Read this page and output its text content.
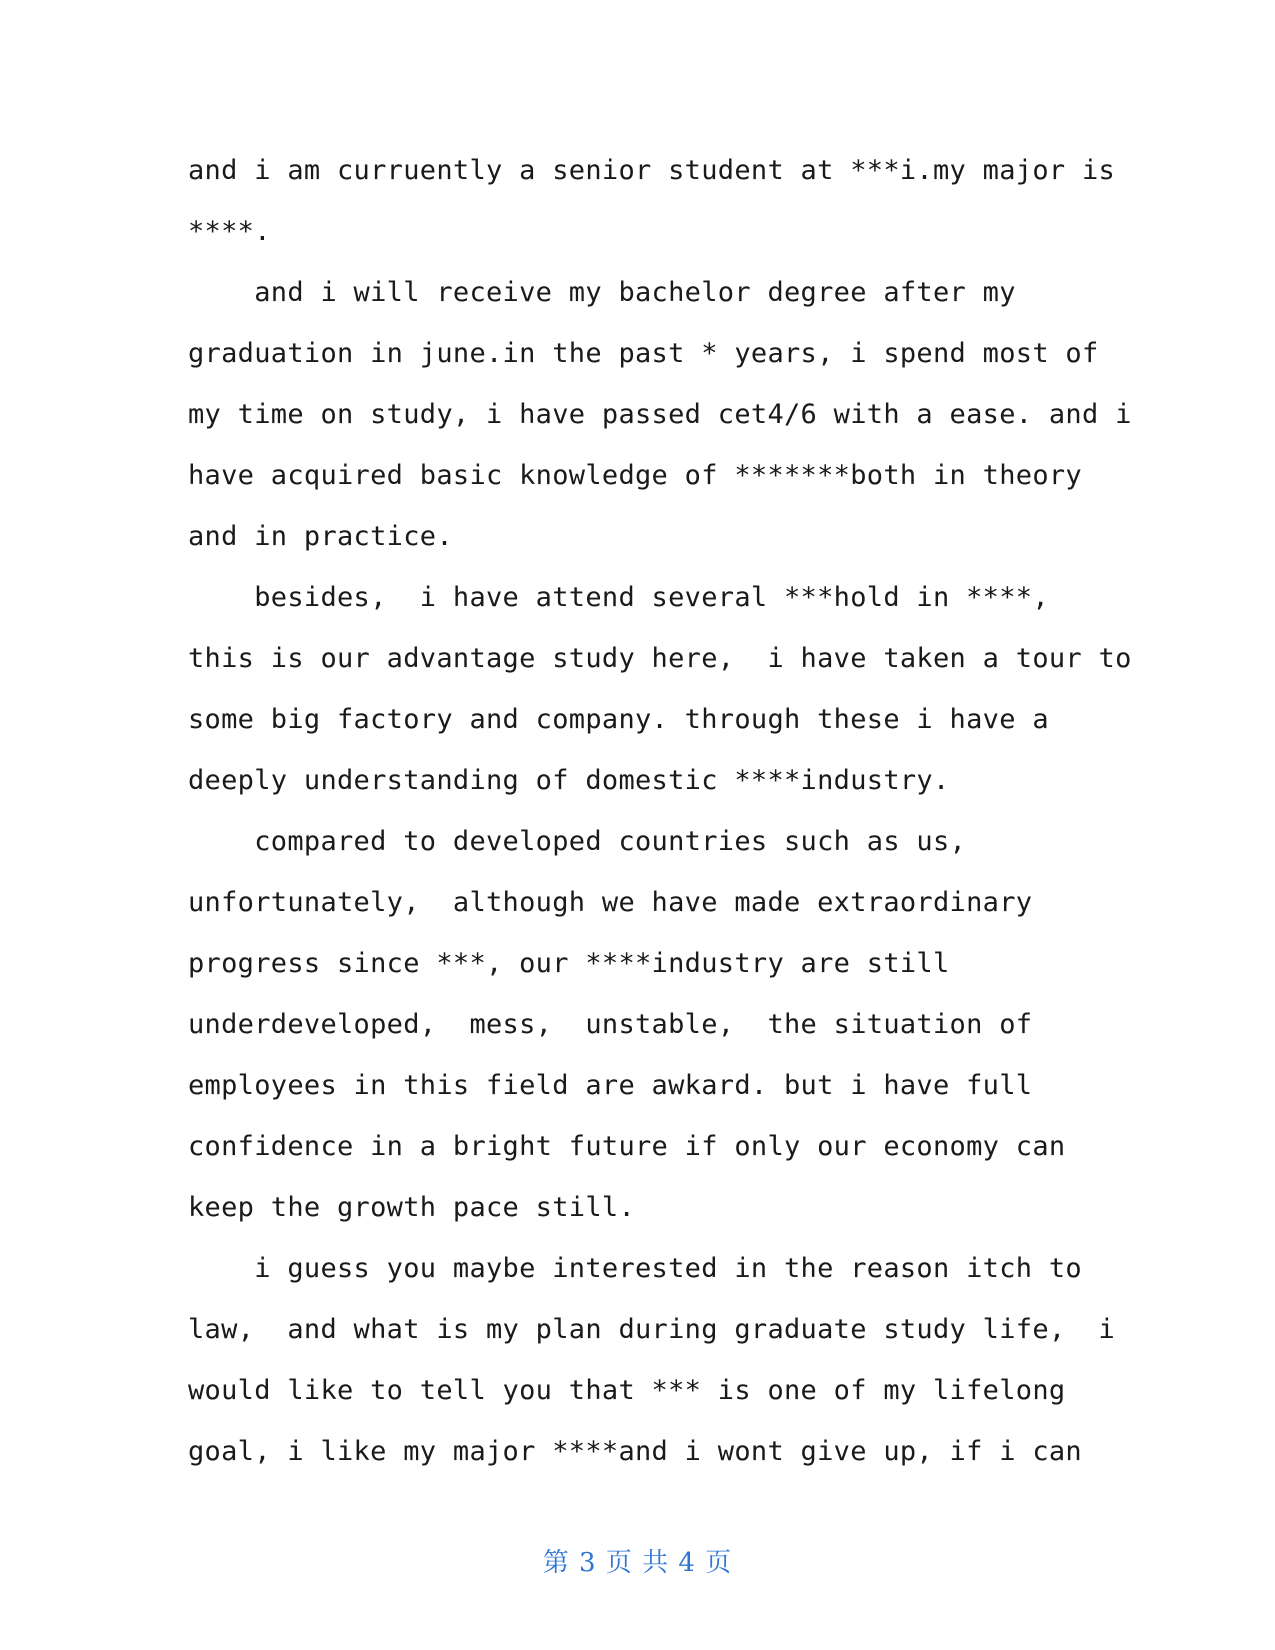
and i am curruently a senior student at ***i.my major is
****.
and i will receive my bachelor degree after my
graduation in june.in the past * years, i spend most of
my time on study, i have passed cet4/6 with a ease. and i
have acquired basic knowledge of *******both in theory
and in practice.
besides,  i have attend several ***hold in ****,
this is our advantage study here,  i have taken a tour to
some big factory and company. through these i have a
deeply understanding of domestic ****industry.
compared to developed countries such as us,
unfortunately,  although we have made extraordinary
progress since ***, our ****industry are still
underdeveloped,  mess,  unstable,  the situation of
employees in this field are awkard. but i have full
confidence in a bright future if only our economy can
keep the growth pace still.
i guess you maybe interested in the reason itch to
law,  and what is my plan during graduate study life,  i
would like to tell you that *** is one of my lifelong
goal, i like my major ****and i wont give up, if i can
第 3 页 共 4 页
